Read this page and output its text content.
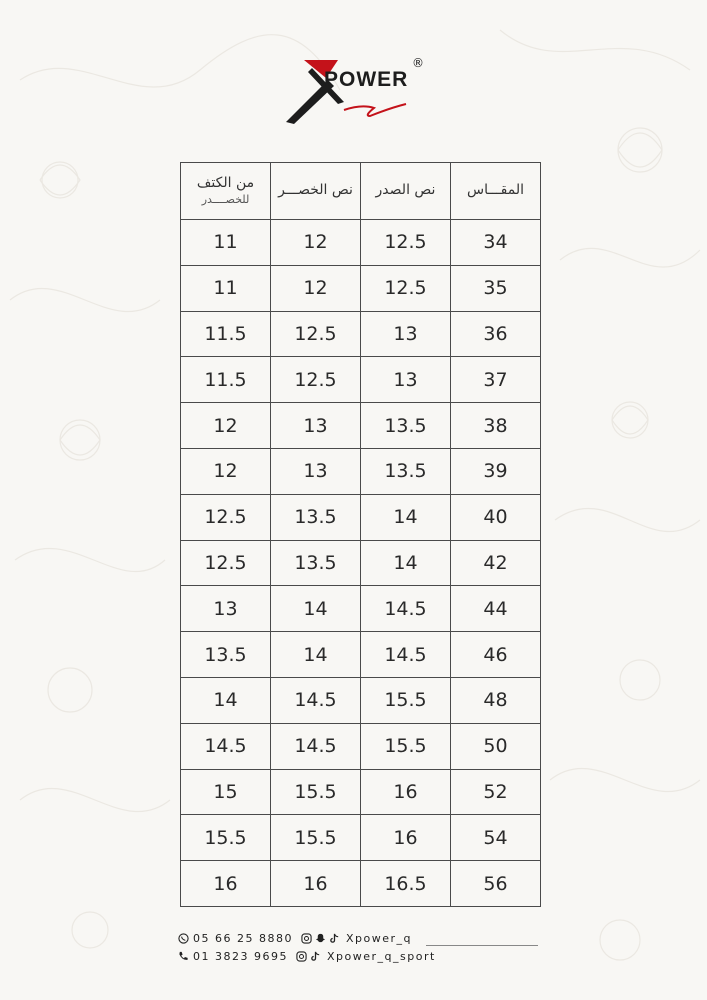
POWER
®
المقـــاس	نص الصدر	نص الخصـــر	من الكتف
للخصــــدر

34	12.5	12	11
35	12.5	12	11
36	13	12.5	11.5
37	13	12.5	11.5
38	13.5	13	12
39	13.5	13	12
40	14	13.5	12.5
42	14	13.5	12.5
44	14.5	14	13
46	14.5	14	13.5
48	15.5	14.5	14
50	15.5	14.5	14.5
52	16	15.5	15
54	16	15.5	15.5
56	16.5	16	16
05 66 25 8880	Xpower_q
01 3823 9695	Xpower_q_sport
